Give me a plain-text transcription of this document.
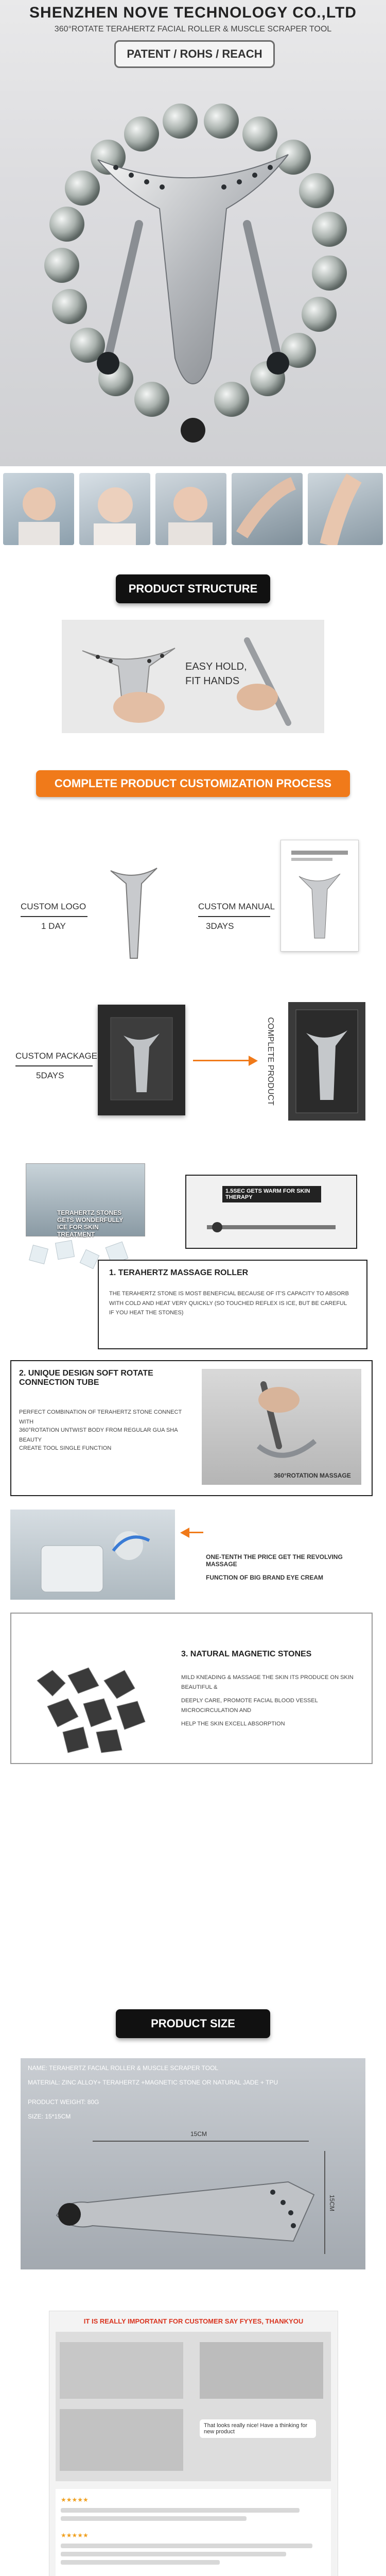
SHENZHEN NOVE TECHNOLOGY CO.,LTD
360°ROTATE TERAHERTZ FACIAL ROLLER & MUSCLE SCRAPER TOOL
PATENT / ROHS / REACH
PRODUCT STRUCTURE
EASY HOLD,
FIT HANDS
COMPLETE PRODUCT CUSTOMIZATION PROCESS
CUSTOM LOGO
1 DAY
CUSTOM MANUAL
3DAYS
CUSTOM PACKAGE
5DAYS	COMPLETE PRODUCT
TERAHERTZ STONES GETS WONDERFULLY ICE FOR SKIN TREATMENT
1.5SEC GETS WARM FOR SKIN THERAPY
1. TERAHERTZ MASSAGE ROLLER
THE TERAHERTZ STONE IS MOST BENEFICIAL BECAUSE OF IT'S CAPACITY TO ABSORB WITH COLD AND HEAT VERY QUICKLY (SO TOUCHED REFLEX IS ICE, BUT BE CAREFUL IF YOU HEAT THE STONES)
2. UNIQUE DESIGN SOFT ROTATE CONNECTION TUBE
PERFECT COMBINATION OF TERAHERTZ STONE CONNECT WITH
360°ROTATION UNTWIST BODY FROM REGULAR GUA SHA BEAUTY
CREATE TOOL SINGLE FUNCTION
360°ROTATION MASSAGE
ONE-TENTH THE PRICE GET THE REVOLVING MASSAGE
FUNCTION OF BIG BRAND EYE CREAM
3. NATURAL MAGNETIC STONES
MILD KNEADING & MASSAGE THE SKIN ITS PRODUCE ON SKIN BEAUTIFUL &
DEEPLY CARE, PROMOTE FACIAL BLOOD VESSEL MICROCIRCULATION AND
HELP THE SKIN EXCELL ABSORPTION
PRODUCT SIZE
NAME: TERAHERTZ FACIAL ROLLER & MUSCLE SCRAPER TOOL
MATERIAL: ZINC ALLOY+ TERAHERTZ +MAGNETIC STONE OR NATURAL JADE + TPU
PRODUCT WEIGHT: 80G
SIZE: 15*15CM
15CM
15CM
IT IS REALLY IMPORTANT FOR CUSTOMER SAY FYYES, THANKYOU
That looks really nice! Have a thinking for new product
★★★★★
★★★★★
